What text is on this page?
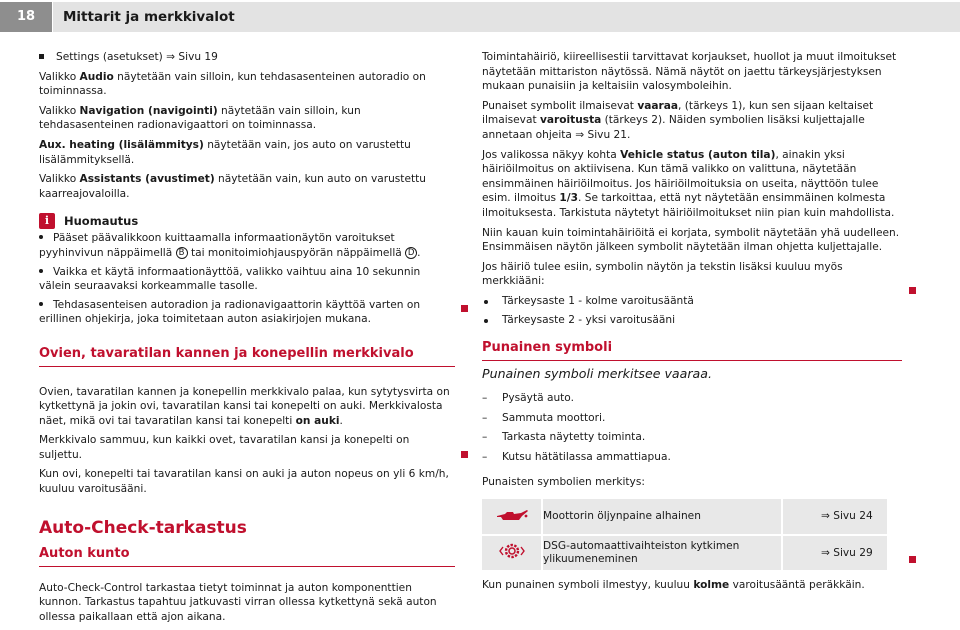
18	Mittarit ja merkkivalot

Settings (asetukset) ⇒ Sivu 19

Valikko Audio näytetään vain silloin, kun tehdasasenteinen autoradio on toiminnassa.

Valikko Navigation (navigointi) näytetään vain silloin, kun tehdasasenteinen radionavigaattori on toiminnassa.

Aux. heating (lisälämmitys) näytetään vain, jos auto on varustettu lisälämmityksellä.

Valikko Assistants (avustimet) näytetään vain, kun auto on varustettu kaarreajovaloilla.

i	Huomautus

Pääset päävalikkoon kuittaamalla informaationäytön varoitukset pyyhinvivun näppäimellä B tai monitoimiohjauspyörän näppäimellä D .

Vaikka et käytä informaationäyttöä, valikko vaihtuu aina 10 sekunnin välein seuraavaksi korkeammalle tasolle.

Tehdasasenteisen autoradion ja radionavigaattorin käyttöä varten on erillinen ohjekirja, joka toimitetaan auton asiakirjojen mukana.

Ovien, tavaratilan kannen ja konepellin merkkivalo

Ovien, tavaratilan kannen ja konepellin merkkivalo palaa, kun sytytysvirta on kytkettynä ja jokin ovi, tavaratilan kansi tai konepelti on auki. Merkkivalosta näet, mikä ovi tai tavaratilan kansi tai konepelti on auki.

Merkkivalo sammuu, kun kaikki ovet, tavaratilan kansi ja konepelti on suljettu.

Kun ovi, konepelti tai tavaratilan kansi on auki ja auton nopeus on yli 6 km/h, kuuluu varoitusääni.

Auto-Check-tarkastus
Auton kunto

Auto-Check-Control tarkastaa tietyt toiminnat ja auton komponenttien kunnon. Tarkastus tapahtuu jatkuvasti virran ollessa kytkettynä sekä auton ollessa paikallaan että ajon aikana.

Toimintahäiriö, kiireellisestii tarvittavat korjaukset, huollot ja muut ilmoitukset näytetään mittariston näytössä. Nämä näytöt on jaettu tärkeysjärjestyksen mukaan punaisiin ja keltaisiin valosymboleihin.

Punaiset symbolit ilmaisevat vaaraa, (tärkeys 1), kun sen sijaan keltaiset ilmaisevat varoitusta (tärkeys 2). Näiden symbolien lisäksi kuljettajalle annetaan ohjeita ⇒ Sivu 21.

Jos valikossa näkyy kohta Vehicle status (auton tila), ainakin yksi häiriöilmoitus on aktiivisena. Kun tämä valikko on valittuna, näytetään ensimmäinen häiriöilmoitus. Jos häiriöilmoituksia on useita, näyttöön tulee esim. ilmoitus 1/3. Se tarkoittaa, että nyt näytetään ensimmäinen kolmesta ilmoituksesta. Tarkistuta näytetyt häiriöilmoitukset niin pian kuin mahdollista.

Niin kauan kuin toimintahäiriöitä ei korjata, symbolit näytetään yhä uudelleen. Ensimmäisen näytön jälkeen symbolit näytetään ilman ohjetta kuljettajalle.

Jos häiriö tulee esiin, symbolin näytön ja tekstin lisäksi kuuluu myös merkkiääni:

Tärkeysaste 1 - kolme varoitusääntä
Tärkeysaste 2 - yksi varoitusääni
Punainen symboli
Punainen symboli merkitsee vaaraa.
– Pysäytä auto.
– Sammuta moottori.
– Tarkasta näytetty toiminta.
– Kutsu hätätilassa ammattiapua.

Punaisten symbolien merkitys:

	Moottorin öljynpaine alhainen	⇒ Sivu 24
	DSG-automaattivaihteiston kytkimen ylikuumeneminen	⇒ Sivu 29

Kun punainen symboli ilmestyy, kuuluu kolme varoitusääntä peräkkäin.
